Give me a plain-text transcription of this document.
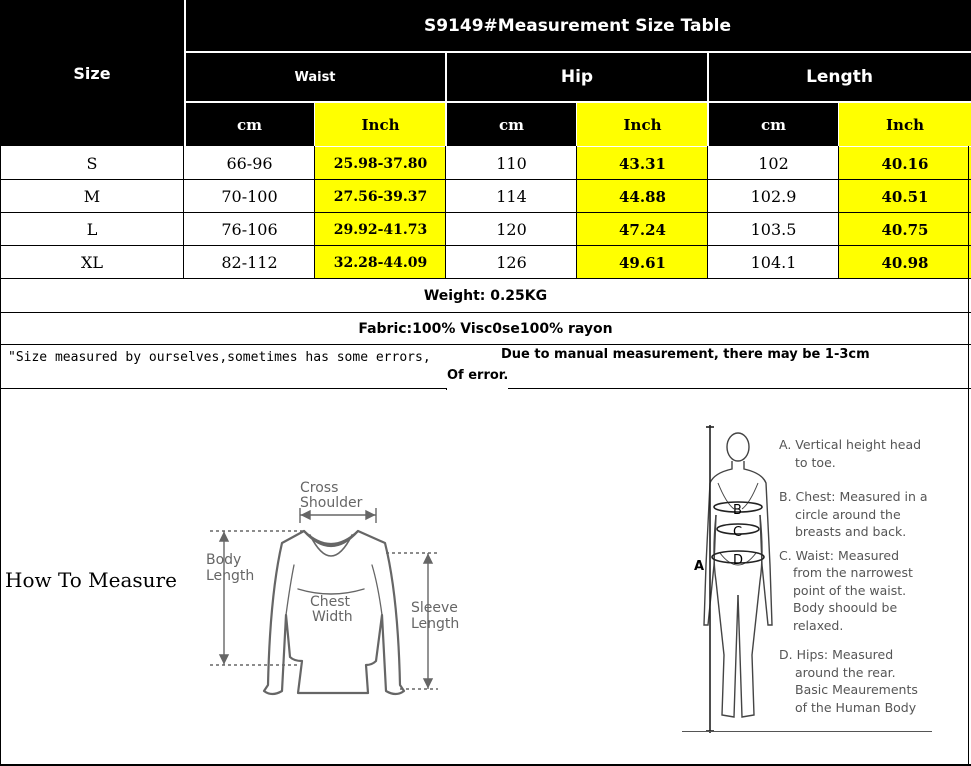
Size
S9149#Measurement Size Table
Waist	Hip	Length
cm	Inch	cm	Inch	cm	Inch
S	66-96	25.98-37.80	110	43.31	102	40.16
M	70-100	27.56-39.37	114	44.88	102.9	40.51
L	76-106	29.92-41.73	120	47.24	103.5	40.75
XL	82-112	32.28-44.09	126	49.61	104.1	40.98
Weight: 0.25KG
Fabric:100% Visc0se100% rayon
"Size measured by ourselves,sometimes has some errors,	Due to manual measurement, there may be 1-3cm
Of error.
How To Measure
Cross
Shoulder
Body
Length
Chest
Width
Sleeve
Length
B
C
D
A
A. Vertical height head
to toe.
B. Chest: Measured in a
circle around the
breasts and back.
C. Waist: Measured
from the narrowest
point of the waist.
Body shoould be
relaxed.
D. Hips: Measured
around the rear.
Basic Meaurements
of the Human Body
